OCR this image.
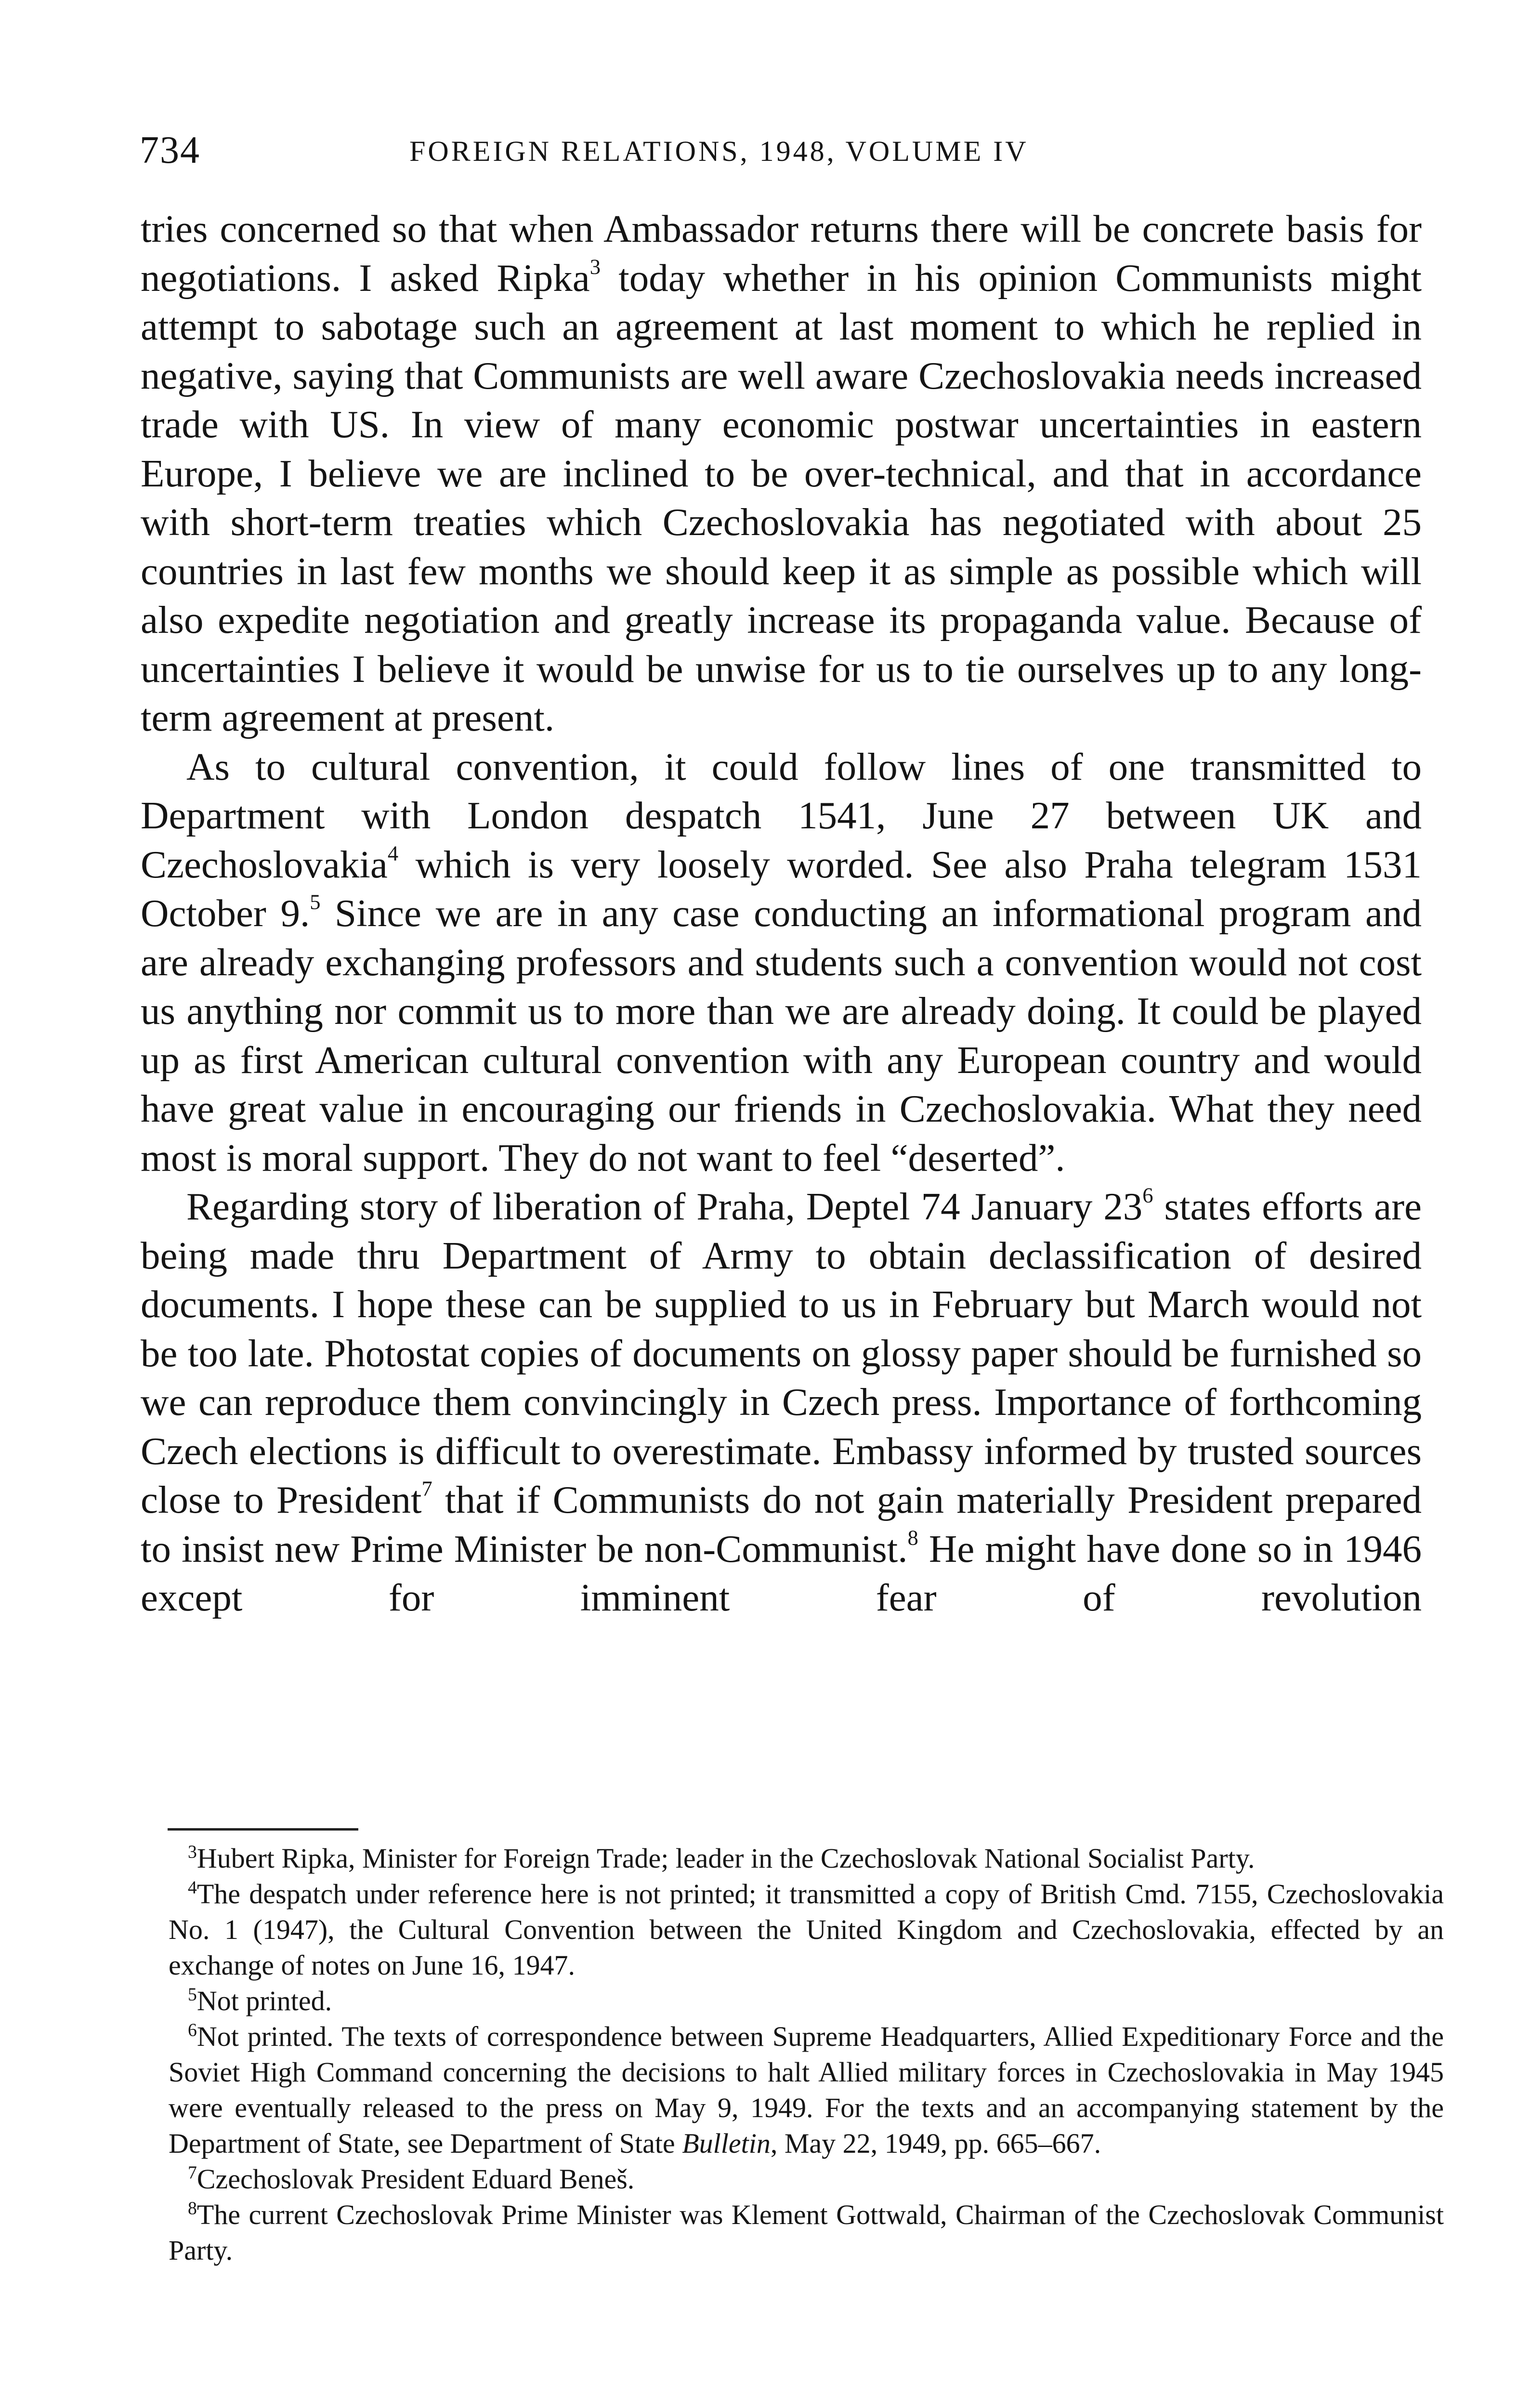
734	FOREIGN RELATIONS, 1948, VOLUME IV

tries concerned so that when Ambassador returns there will be concrete basis for negotiations. I asked Ripka$^3$ today whether in his opinion Communists might attempt to sabotage such an agreement at last moment to which he replied in negative, saying that Communists are well aware Czechoslovakia needs increased trade with US. In view of many economic postwar uncertainties in eastern Europe, I believe we are inclined to be over-technical, and that in accordance with short-term treaties which Czechoslovakia has negotiated with about 25 countries in last few months we should keep it as simple as possible which will also expedite negotiation and greatly increase its propaganda value. Because of uncertainties I believe it would be unwise for us to tie ourselves up to any long-term agreement at present.

As to cultural convention, it could follow lines of one transmitted to Department with London despatch 1541, June 27 between UK and Czechoslovakia$^4$ which is very loosely worded. See also Praha telegram 1531 October 9.$^5$ Since we are in any case conducting an informational program and are already exchanging professors and students such a convention would not cost us anything nor commit us to more than we are already doing. It could be played up as first American cultural convention with any European country and would have great value in encouraging our friends in Czechoslovakia. What they need most is moral support. They do not want to feel “deserted”.

Regarding story of liberation of Praha, Deptel 74 January $23^6$ states efforts are being made thru Department of Army to obtain declassification of desired documents. I hope these can be supplied to us in February but March would not be too late. Photostat copies of documents on glossy paper should be furnished so we can reproduce them convincingly in Czech press. Importance of forthcoming Czech elections is difficult to overestimate. Embassy informed by trusted sources close to President$^7$ that if Communists do not gain materially President prepared to insist new Prime Minister be non-Communist.$^8$ He might have done so in 1946 except for imminent fear of revolution

$^3$Hubert Ripka, Minister for Foreign Trade; leader in the Czechoslovak National Socialist Party.

$^4$The despatch under reference here is not printed; it transmitted a copy of British Cmd. 7155, Czechoslovakia No. 1 (1947), the Cultural Convention between the United Kingdom and Czechoslovakia, effected by an exchange of notes on June 16, 1947.

$^5$Not printed.

$^6$Not printed. The texts of correspondence between Supreme Headquarters, Allied Expeditionary Force and the Soviet High Command concerning the decisions to halt Allied military forces in Czechoslovakia in May 1945 were eventually released to the press on May 9, 1949. For the texts and an accompanying statement by the Department of State, see Department of State Bulletin, May 22, 1949, pp. 665–667.

$^7$Czechoslovak President Eduard Beneš.

$^8$The current Czechoslovak Prime Minister was Klement Gottwald, Chairman of the Czechoslovak Communist Party.
